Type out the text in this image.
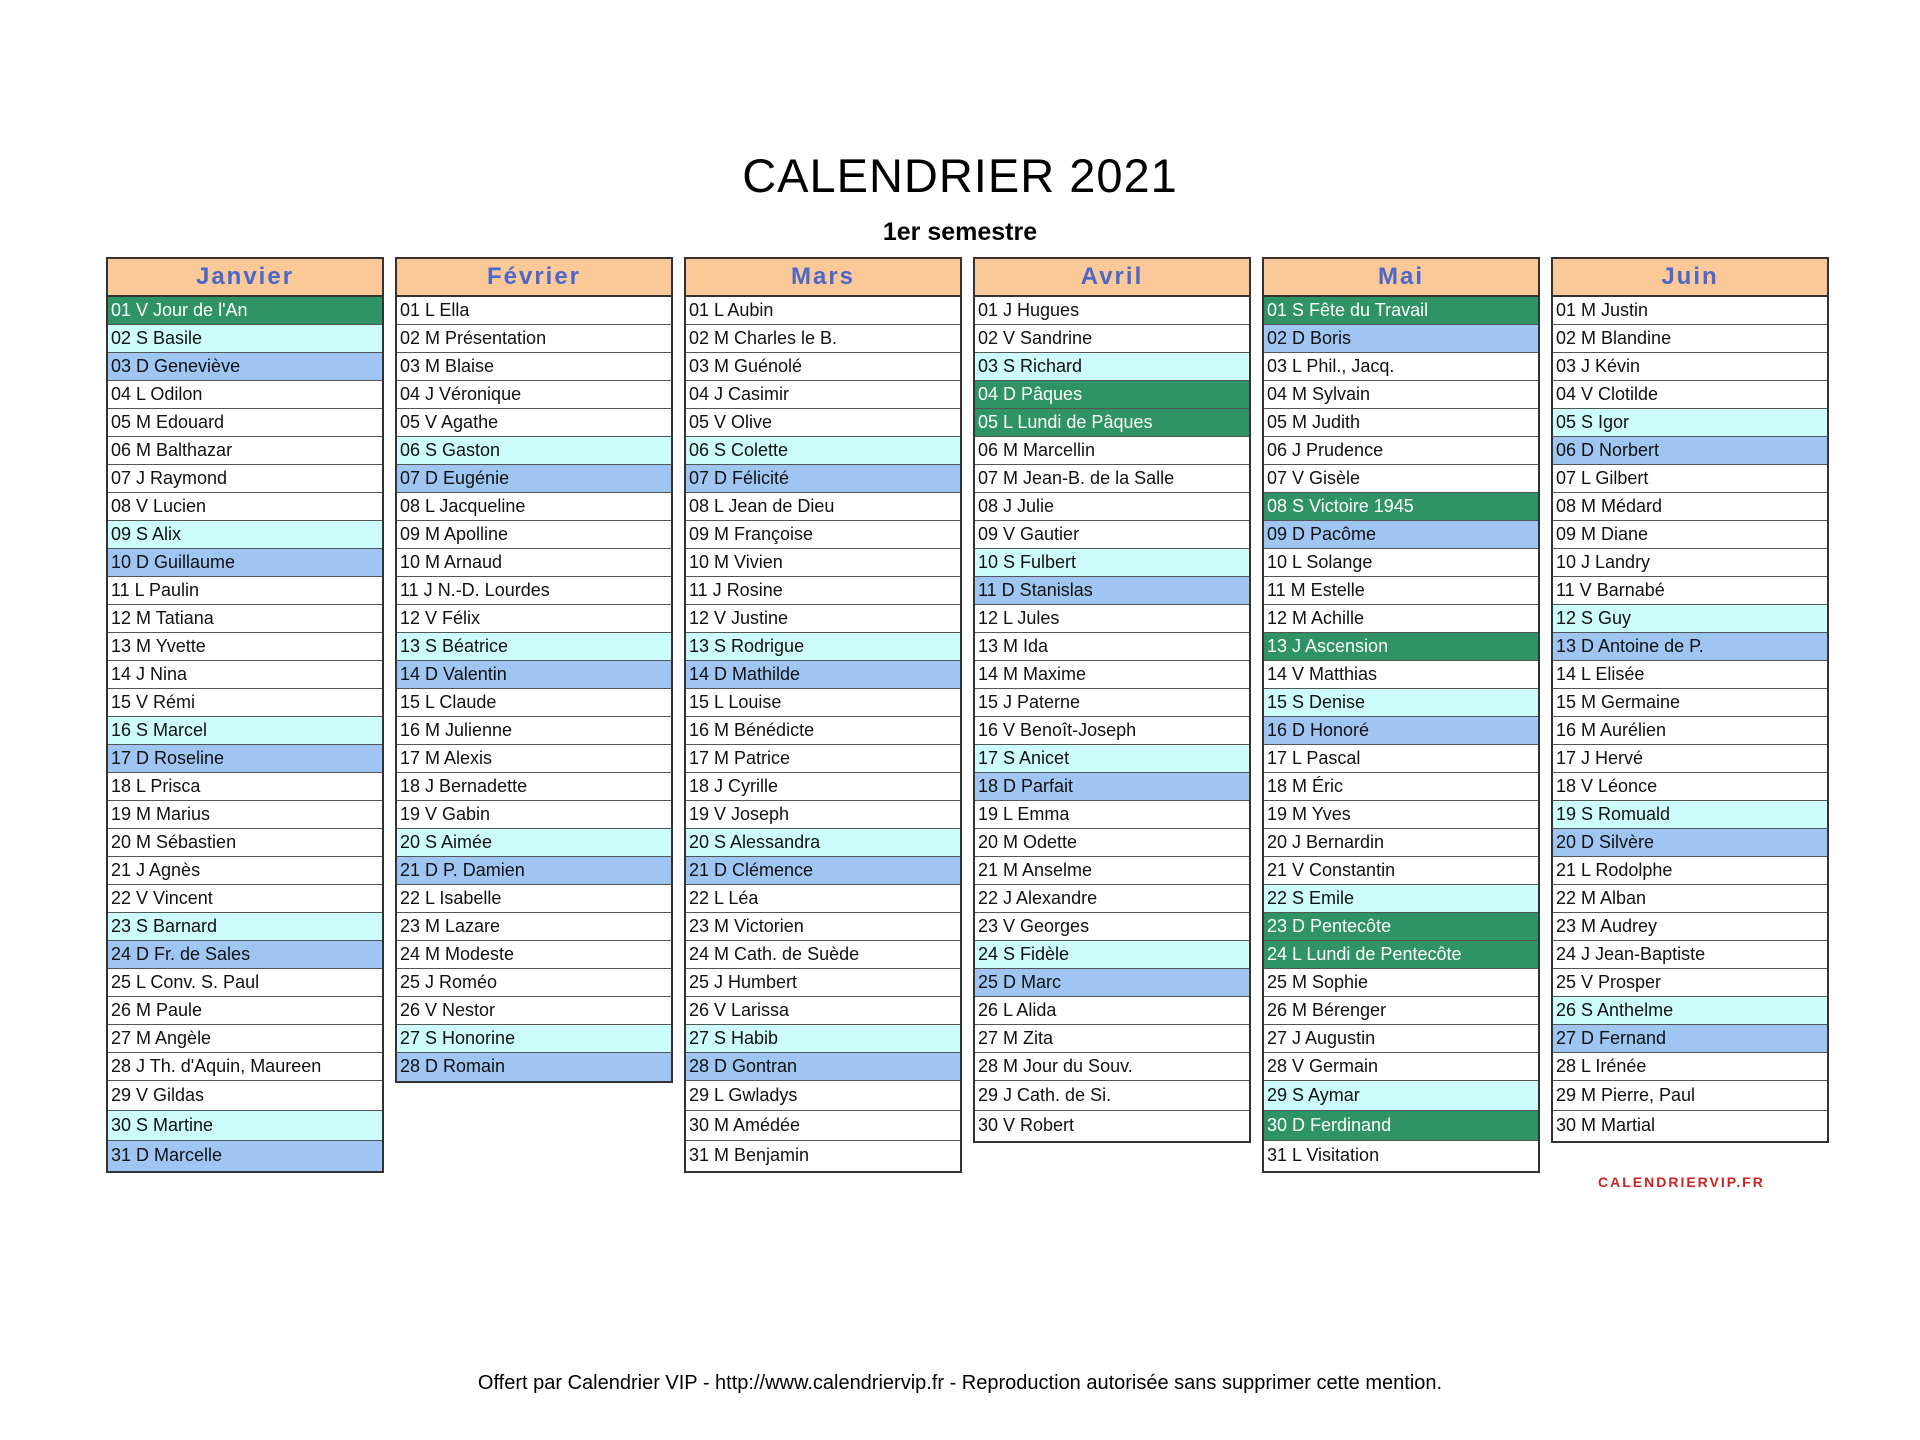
CALENDRIER 2021
1er semestre
Janvier
01 V Jour de l'An
02 S Basile
03 D Geneviève
04 L Odilon
05 M Edouard
06 M Balthazar
07 J Raymond
08 V Lucien
09 S Alix
10 D Guillaume
11 L Paulin
12 M Tatiana
13 M Yvette
14 J Nina
15 V Rémi
16 S Marcel
17 D Roseline
18 L Prisca
19 M Marius
20 M Sébastien
21 J Agnès
22 V Vincent
23 S Barnard
24 D Fr. de Sales
25 L Conv. S. Paul
26 M Paule
27 M Angèle
28 J Th. d'Aquin, Maureen
29 V Gildas
30 S Martine
31 D Marcelle
Février
01 L Ella
02 M Présentation
03 M Blaise
04 J Véronique
05 V Agathe
06 S Gaston
07 D Eugénie
08 L Jacqueline
09 M Apolline
10 M Arnaud
11 J N.-D. Lourdes
12 V Félix
13 S Béatrice
14 D Valentin
15 L Claude
16 M Julienne
17 M Alexis
18 J Bernadette
19 V Gabin
20 S Aimée
21 D P. Damien
22 L Isabelle
23 M Lazare
24 M Modeste
25 J Roméo
26 V Nestor
27 S Honorine
28 D Romain
Mars
01 L Aubin
02 M Charles le B.
03 M Guénolé
04 J Casimir
05 V Olive
06 S Colette
07 D Félicité
08 L Jean de Dieu
09 M Françoise
10 M Vivien
11 J Rosine
12 V Justine
13 S Rodrigue
14 D Mathilde
15 L Louise
16 M Bénédicte
17 M Patrice
18 J Cyrille
19 V Joseph
20 S Alessandra
21 D Clémence
22 L Léa
23 M Victorien
24 M Cath. de Suède
25 J Humbert
26 V Larissa
27 S Habib
28 D Gontran
29 L Gwladys
30 M Amédée
31 M Benjamin
Avril
01 J Hugues
02 V Sandrine
03 S Richard
04 D Pâques
05 L Lundi de Pâques
06 M Marcellin
07 M Jean-B. de la Salle
08 J Julie
09 V Gautier
10 S Fulbert
11 D Stanislas
12 L Jules
13 M Ida
14 M Maxime
15 J Paterne
16 V Benoît-Joseph
17 S Anicet
18 D Parfait
19 L Emma
20 M Odette
21 M Anselme
22 J Alexandre
23 V Georges
24 S Fidèle
25 D Marc
26 L Alida
27 M Zita
28 M Jour du Souv.
29 J Cath. de Si.
30 V Robert
Mai
01 S Fête du Travail
02 D Boris
03 L Phil., Jacq.
04 M Sylvain
05 M Judith
06 J Prudence
07 V Gisèle
08 S Victoire 1945
09 D Pacôme
10 L Solange
11 M Estelle
12 M Achille
13 J Ascension
14 V Matthias
15 S Denise
16 D Honoré
17 L Pascal
18 M Éric
19 M Yves
20 J Bernardin
21 V Constantin
22 S Emile
23 D Pentecôte
24 L Lundi de Pentecôte
25 M Sophie
26 M Bérenger
27 J Augustin
28 V Germain
29 S Aymar
30 D Ferdinand
31 L Visitation
Juin
01 M Justin
02 M Blandine
03 J Kévin
04 V Clotilde
05 S Igor
06 D Norbert
07 L Gilbert
08 M Médard
09 M Diane
10 J Landry
11 V Barnabé
12 S Guy
13 D Antoine de P.
14 L Elisée
15 M Germaine
16 M Aurélien
17 J Hervé
18 V Léonce
19 S Romuald
20 D Silvère
21 L Rodolphe
22 M Alban
23 M Audrey
24 J Jean-Baptiste
25 V Prosper
26 S Anthelme
27 D Fernand
28 L Irénée
29 M Pierre, Paul
30 M Martial
CALENDRIERVIP.FR
Offert par Calendrier VIP - http://www.calendriervip.fr - Reproduction autorisée sans supprimer cette mention.
